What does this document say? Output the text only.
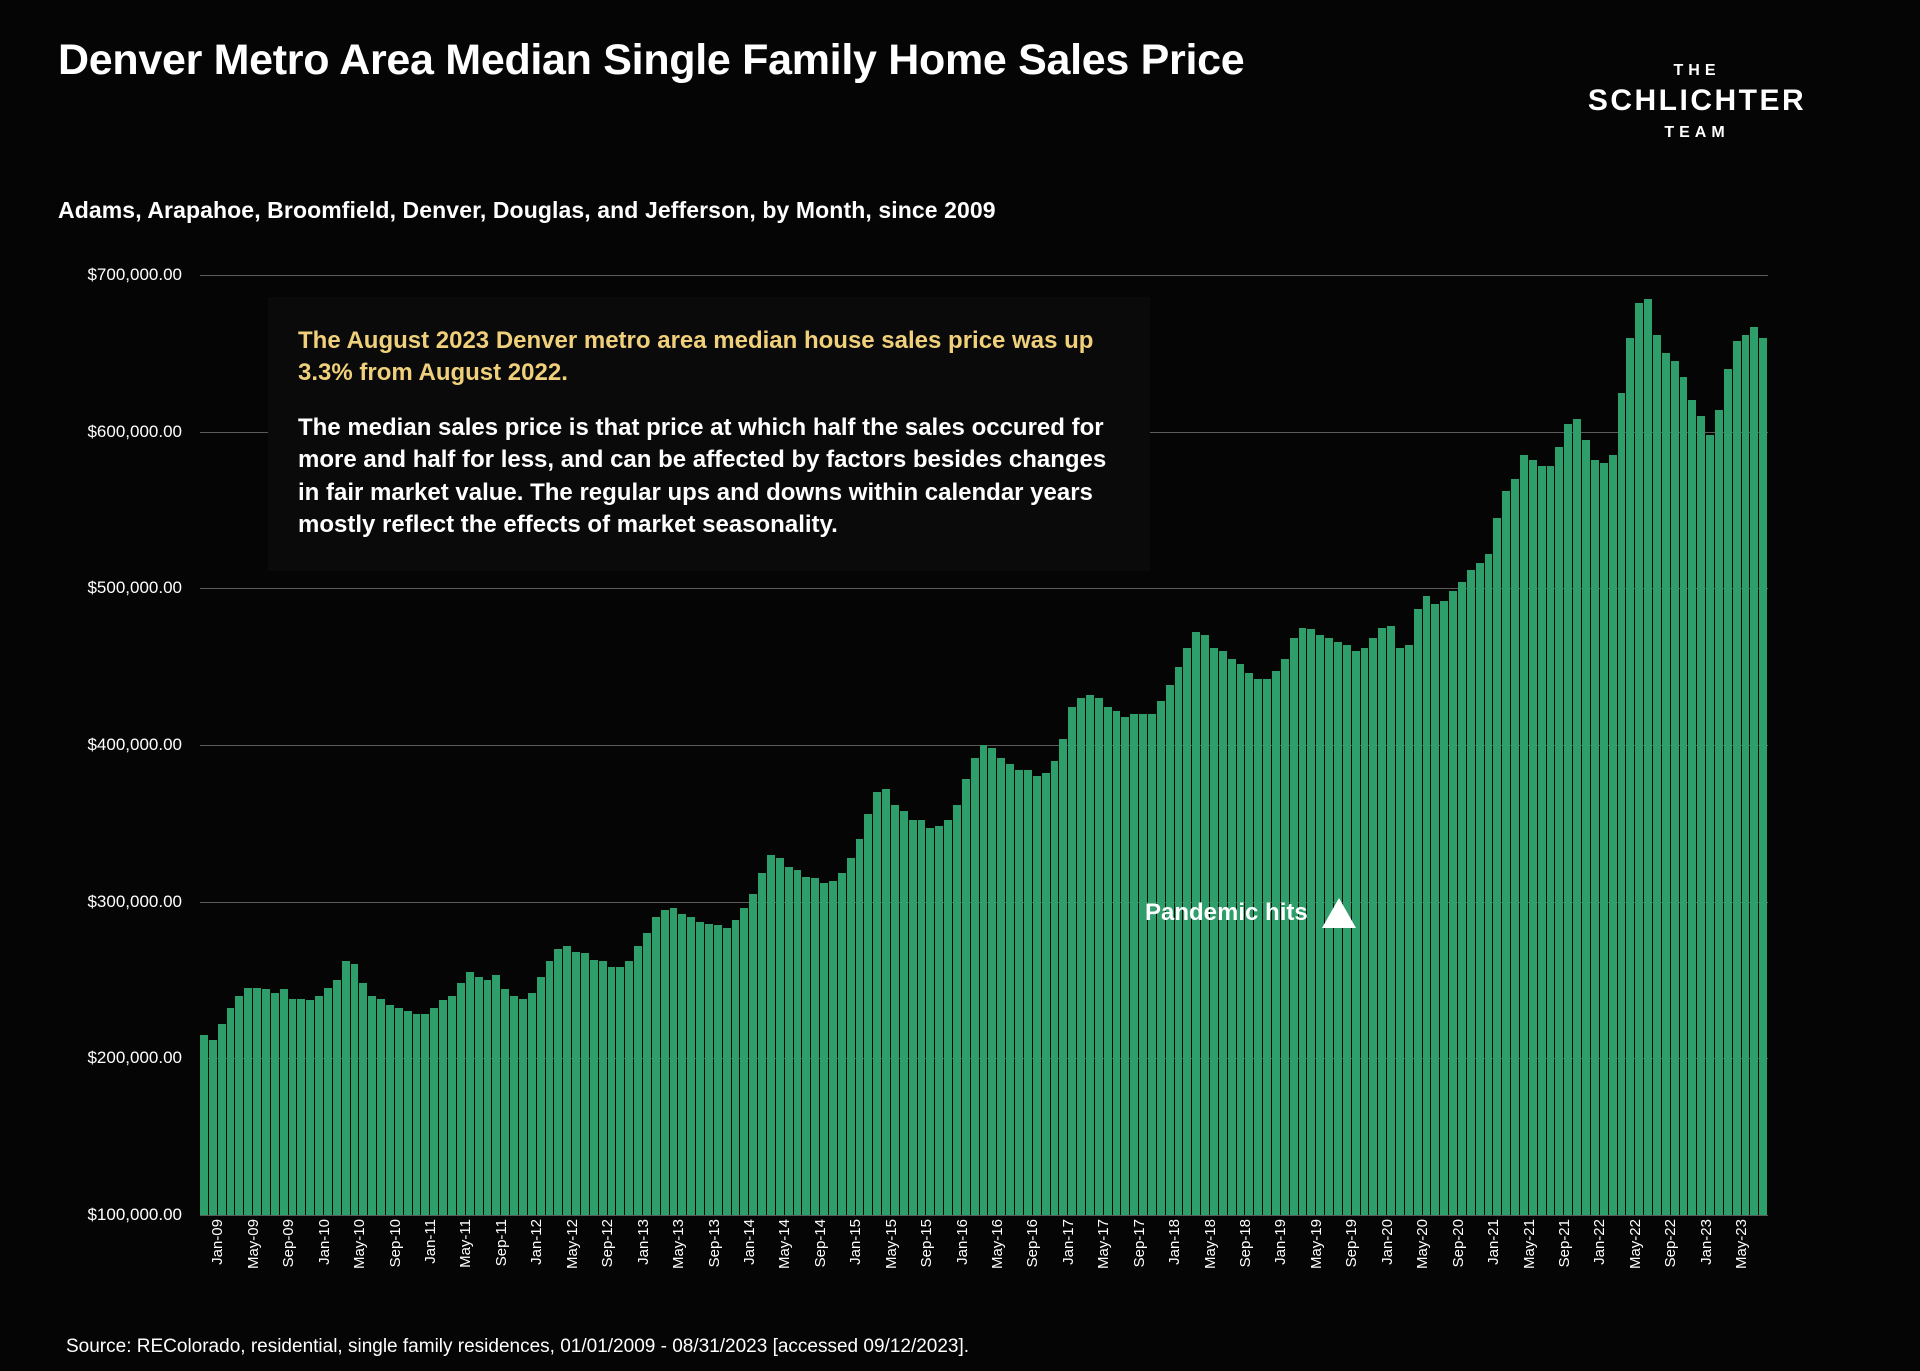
Denver Metro Area Median Single Family Home Sales Price
Adams, Arapahoe, Broomfield, Denver, Douglas, and Jefferson, by Month, since 2009
THE
SCHLICHTER
TEAM
$100,000.00
$200,000.00
$300,000.00
$400,000.00
$500,000.00
$600,000.00
$700,000.00
Jan-09 May-09 Sep-09 Jan-10 May-10 Sep-10 Jan-11 May-11 Sep-11 Jan-12 May-12 Sep-12 Jan-13 May-13 Sep-13 Jan-14 May-14 Sep-14 Jan-15 May-15 Sep-15 Jan-16 May-16 Sep-16 Jan-17 May-17 Sep-17 Jan-18 May-18 Sep-18 Jan-19 May-19 Sep-19 Jan-20 May-20 Sep-20 Jan-21 May-21 Sep-21 Jan-22 May-22 Sep-22 Jan-23 May-23
The August 2023 Denver metro area median house sales price was up 3.3% from August 2022.
The median sales price is that price at which half the sales occured for more and half for less, and can be affected by factors besides changes in fair market value. The regular ups and downs within calendar years mostly reflect the effects of market seasonality.
Pandemic hits
Source: REColorado, residential, single family residences, 01/01/2009 - 08/31/2023 [accessed 09/12/2023].
